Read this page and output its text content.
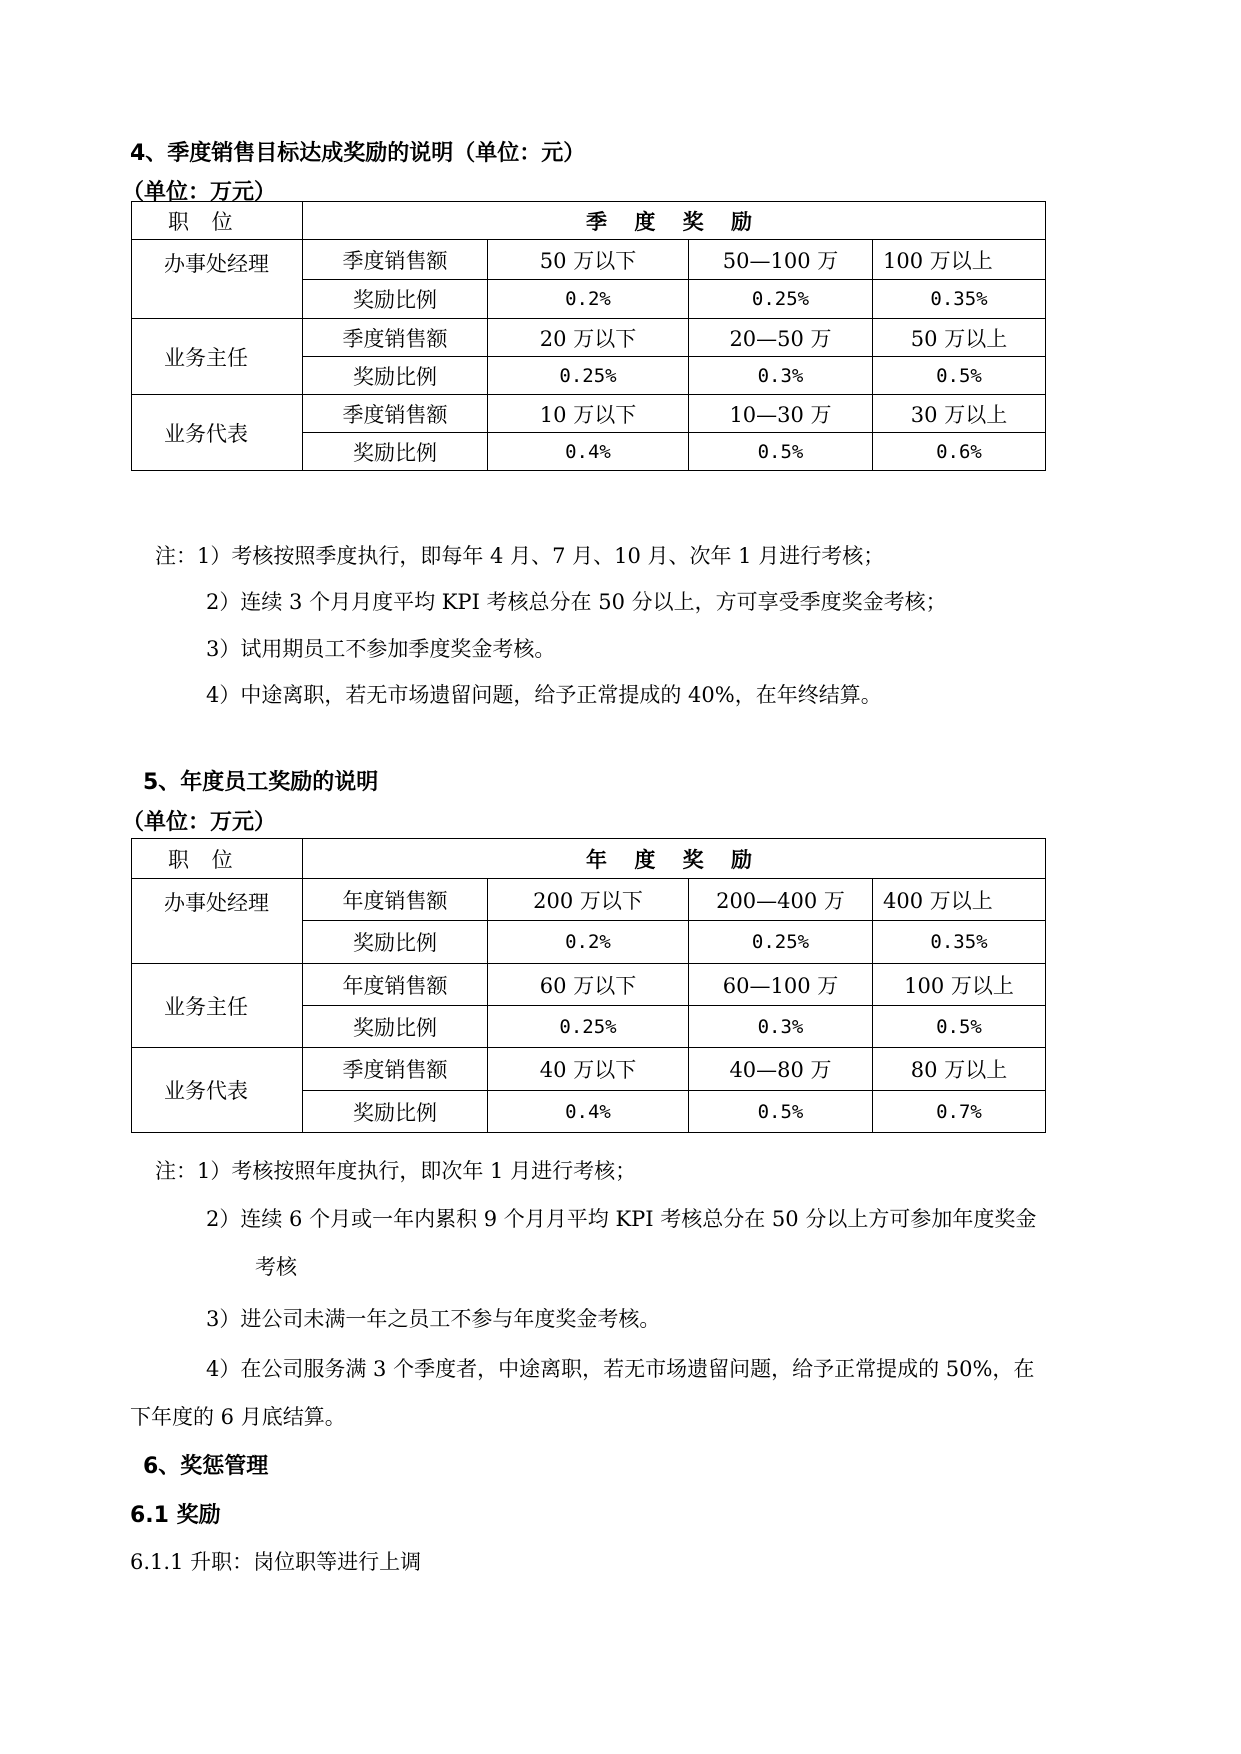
4、季度销售目标达成奖励的说明（单位：元）
（单位：万元）
职 位	季 度 奖 励			
办事处经理	季度销售额	50 万以下	50—100 万	100 万以上
	奖励比例	0.2%	0.25%	0.35%
业务主任	季度销售额	20 万以下	20—50 万	50 万以上
	奖励比例	0.25%	0.3%	0.5%
业务代表	季度销售额	10 万以下	10—30 万	30 万以上
	奖励比例	0.4%	0.5%	0.6%
注：1）考核按照季度执行，即每年 4 月、7 月、10 月、次年 1 月进行考核；
2）连续 3 个月月度平均 KPI 考核总分在 50 分以上，方可享受季度奖金考核；
3）试用期员工不参加季度奖金考核。
4）中途离职，若无市场遗留问题，给予正常提成的 40%，在年终结算。
5、年度员工奖励的说明
（单位：万元）
职 位	年 度 奖 励			
办事处经理	年度销售额	200 万以下	200—400 万	400 万以上
	奖励比例	0.2%	0.25%	0.35%
业务主任	年度销售额	60 万以下	60—100 万	100 万以上
	奖励比例	0.25%	0.3%	0.5%
业务代表	季度销售额	40 万以下	40—80 万	80 万以上
	奖励比例	0.4%	0.5%	0.7%
注：1）考核按照年度执行，即次年 1 月进行考核；
2）连续 6 个月或一年内累积 9 个月月平均 KPI 考核总分在 50 分以上方可参加年度奖金
考核
3）进公司未满一年之员工不参与年度奖金考核。
4）在公司服务满 3 个季度者，中途离职，若无市场遗留问题，给予正常提成的 50%，在
下年度的 6 月底结算。
6、奖惩管理
6.1 奖励
6.1.1 升职：岗位职等进行上调
